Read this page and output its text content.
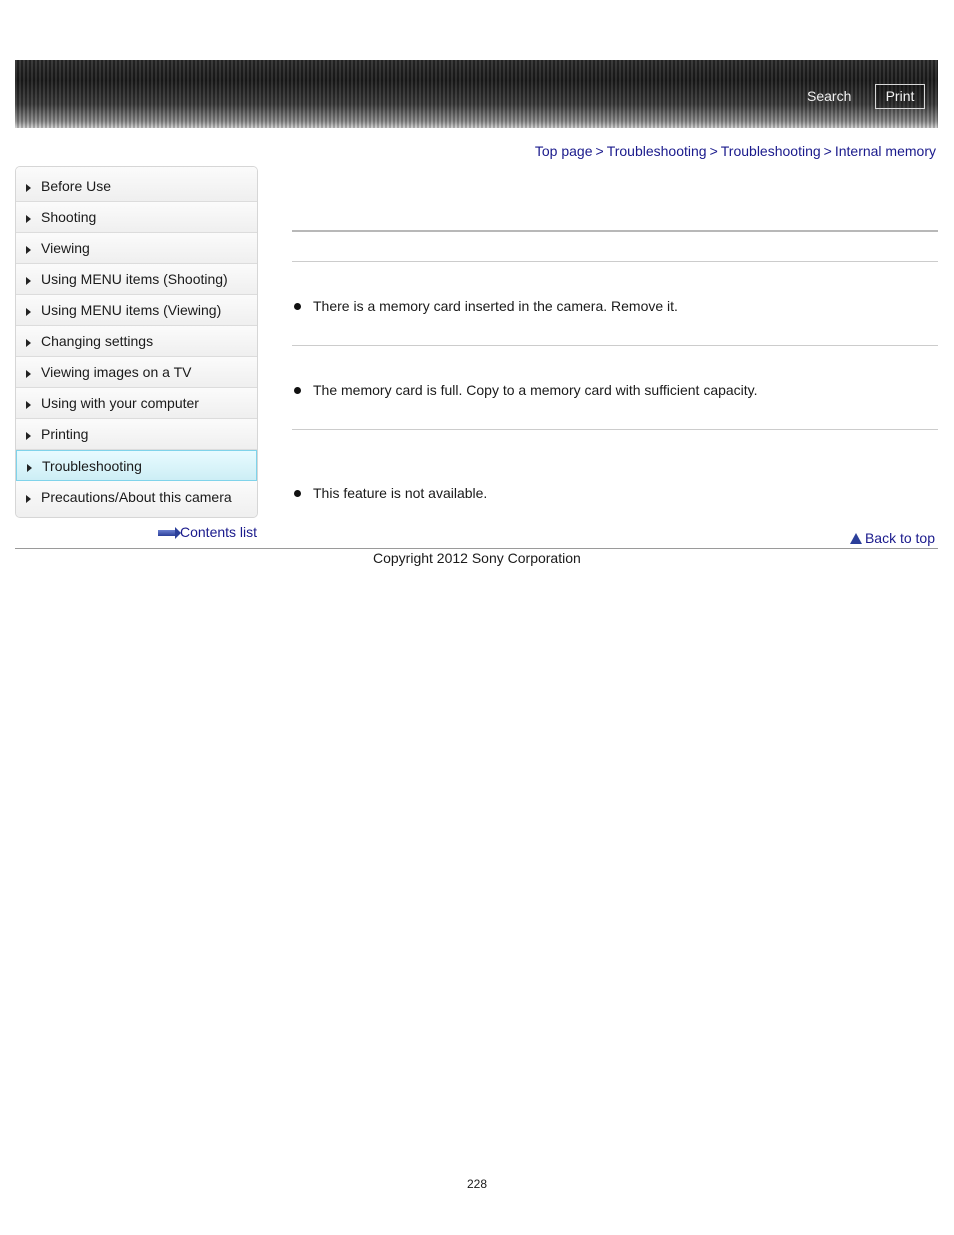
Search	Print
Top page > Troubleshooting > Troubleshooting > Internal memory
Before Use
Shooting
Viewing
Using MENU items (Shooting)
Using MENU items (Viewing)
Changing settings
Viewing images on a TV
Using with your computer
Printing
Troubleshooting
Precautions/About this camera
Contents list
There is a memory card inserted in the camera. Remove it.
The memory card is full. Copy to a memory card with sufficient capacity.
This feature is not available.
Back to top
Copyright 2012 Sony Corporation
228
